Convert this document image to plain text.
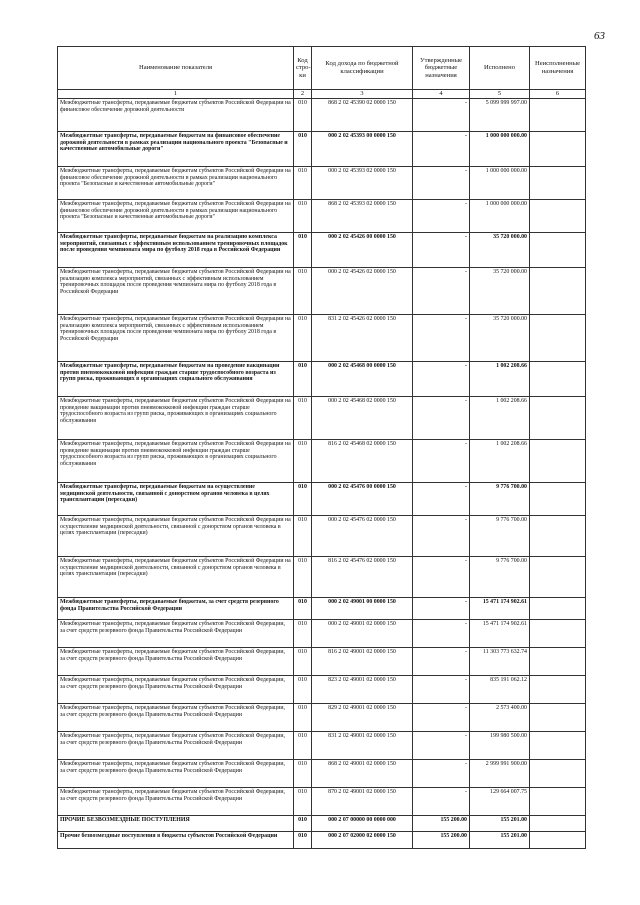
63
Наименование показателя	Код стро- ки	Код дохода по бюджетной классификации	Утвержденные бюджетные назначения	Исполнено	Неисполненные назначения
1	2	3	4	5	6
Межбюджетные трансферты, передаваемые бюджетам субъектов Российской Федерации на финансовое обеспечение дорожной деятельности	010	868 2 02 45390 02 0000 150	-	5 099 999 997.00	
Межбюджетные трансферты, передаваемые бюджетам на финансовое обеспечение дорожной деятельности в рамках реализации национального проекта "Безопасные и качественные автомобильные дороги"	010	000 2 02 45393 00 0000 150	-	1 000 000 000.00	
Межбюджетные трансферты, передаваемые бюджетам субъектов Российской Федерации на финансовое обеспечение дорожной деятельности в рамках реализации национального проекта "Безопасные и качественные автомобильные дороги"	010	000 2 02 45393 02 0000 150	-	1 000 000 000.00	
Межбюджетные трансферты, передаваемые бюджетам субъектов Российской Федерации на финансовое обеспечение дорожной деятельности в рамках реализации национального проекта "Безопасные и качественные автомобильные дороги"	010	868 2 02 45393 02 0000 150	-	1 000 000 000.00	
Межбюджетные трансферты, передаваемые бюджетам на реализацию комплекса мероприятий, связанных с эффективным использованием тренировочных площадок после проведения чемпионата мира по футболу 2018 года в Российской Федерации	010	000 2 02 45426 00 0000 150	-	35 720 000.00	
Межбюджетные трансферты, передаваемые бюджетам субъектов Российской Федерации на реализацию комплекса мероприятий, связанных с эффективным использованием тренировочных площадок после проведения чемпионата мира по футболу 2018 года в Российской Федерации	010	000 2 02 45426 02 0000 150	-	35 720 000.00	
Межбюджетные трансферты, передаваемые бюджетам субъектов Российской Федерации на реализацию комплекса мероприятий, связанных с эффективным использованием тренировочных площадок после проведения чемпионата мира по футболу 2018 года в Российской Федерации	010	831 2 02 45426 02 0000 150	-	35 720 000.00	
Межбюджетные трансферты, передаваемые бюджетам на проведение вакцинации против пневмококковой инфекции граждан старше трудоспособного возраста из групп риска, проживающих в организациях социального обслуживания	010	000 2 02 45468 00 0000 150	-	1 002 208.66	
Межбюджетные трансферты, передаваемые бюджетам субъектов Российской Федерации на проведение вакцинации против пневмококковой инфекции граждан старше трудоспособного возраста из групп риска, проживающих в организациях социального обслуживания	010	000 2 02 45468 02 0000 150	-	1 002 208.66	
Межбюджетные трансферты, передаваемые бюджетам субъектов Российской Федерации на проведение вакцинации против пневмококковой инфекции граждан старше трудоспособного возраста из групп риска, проживающих в организациях социального обслуживания	010	816 2 02 45468 02 0000 150	-	1 002 208.66	
Межбюджетные трансферты, передаваемые бюджетам на осуществление медицинской деятельности, связанной с донорством органов человека в целях трансплантации (пересадки)	010	000 2 02 45476 00 0000 150	-	9 776 700.00	
Межбюджетные трансферты, передаваемые бюджетам субъектов Российской Федерации на осуществление медицинской деятельности, связанной с донорством органов человека в целях трансплантации (пересадки)	010	000 2 02 45476 02 0000 150	-	9 776 700.00	
Межбюджетные трансферты, передаваемые бюджетам субъектов Российской Федерации на осуществление медицинской деятельности, связанной с донорством органов человека в целях трансплантации (пересадки)	010	816 2 02 45476 02 0000 150	-	9 776 700.00	
Межбюджетные трансферты, передаваемые бюджетам, за счет средств резервного фонда Правительства Российской Федерации	010	000 2 02 49001 00 0000 150	-	15 471 174 902.61	
Межбюджетные трансферты, передаваемые бюджетам субъектов Российской Федерации, за счет средств резервного фонда Правительства Российской Федерации	010	000 2 02 49001 02 0000 150	-	15 471 174 902.61	
Межбюджетные трансферты, передаваемые бюджетам субъектов Российской Федерации, за счет средств резервного фонда Правительства Российской Федерации	010	816 2 02 49001 02 0000 150	-	11 303 773 632.74	
Межбюджетные трансферты, передаваемые бюджетам субъектов Российской Федерации, за счет средств резервного фонда Правительства Российской Федерации	010	823 2 02 49001 02 0000 150	-	835 191 062.12	
Межбюджетные трансферты, передаваемые бюджетам субъектов Российской Федерации, за счет средств резервного фонда Правительства Российской Федерации	010	829 2 02 49001 02 0000 150	-	2 573 400.00	
Межбюджетные трансферты, передаваемые бюджетам субъектов Российской Федерации, за счет средств резервного фонда Правительства Российской Федерации	010	831 2 02 49001 02 0000 150	-	199 980 500.00	
Межбюджетные трансферты, передаваемые бюджетам субъектов Российской Федерации, за счет средств резервного фонда Правительства Российской Федерации	010	868 2 02 49001 02 0000 150	-	2 999 991 900.00	
Межбюджетные трансферты, передаваемые бюджетам субъектов Российской Федерации, за счет средств резервного фонда Правительства Российской Федерации	010	870 2 02 49001 02 0000 150	-	129 664 007.75	
ПРОЧИЕ БЕЗВОЗМЕЗДНЫЕ ПОСТУПЛЕНИЯ	010	000 2 07 00000 00 0000 000	155 200.00	155 201.00	
Прочие безвозмездные поступления в бюджеты субъектов Российской Федерации	010	000 2 07 02000 02 0000 150	155 200.00	155 201.00	
